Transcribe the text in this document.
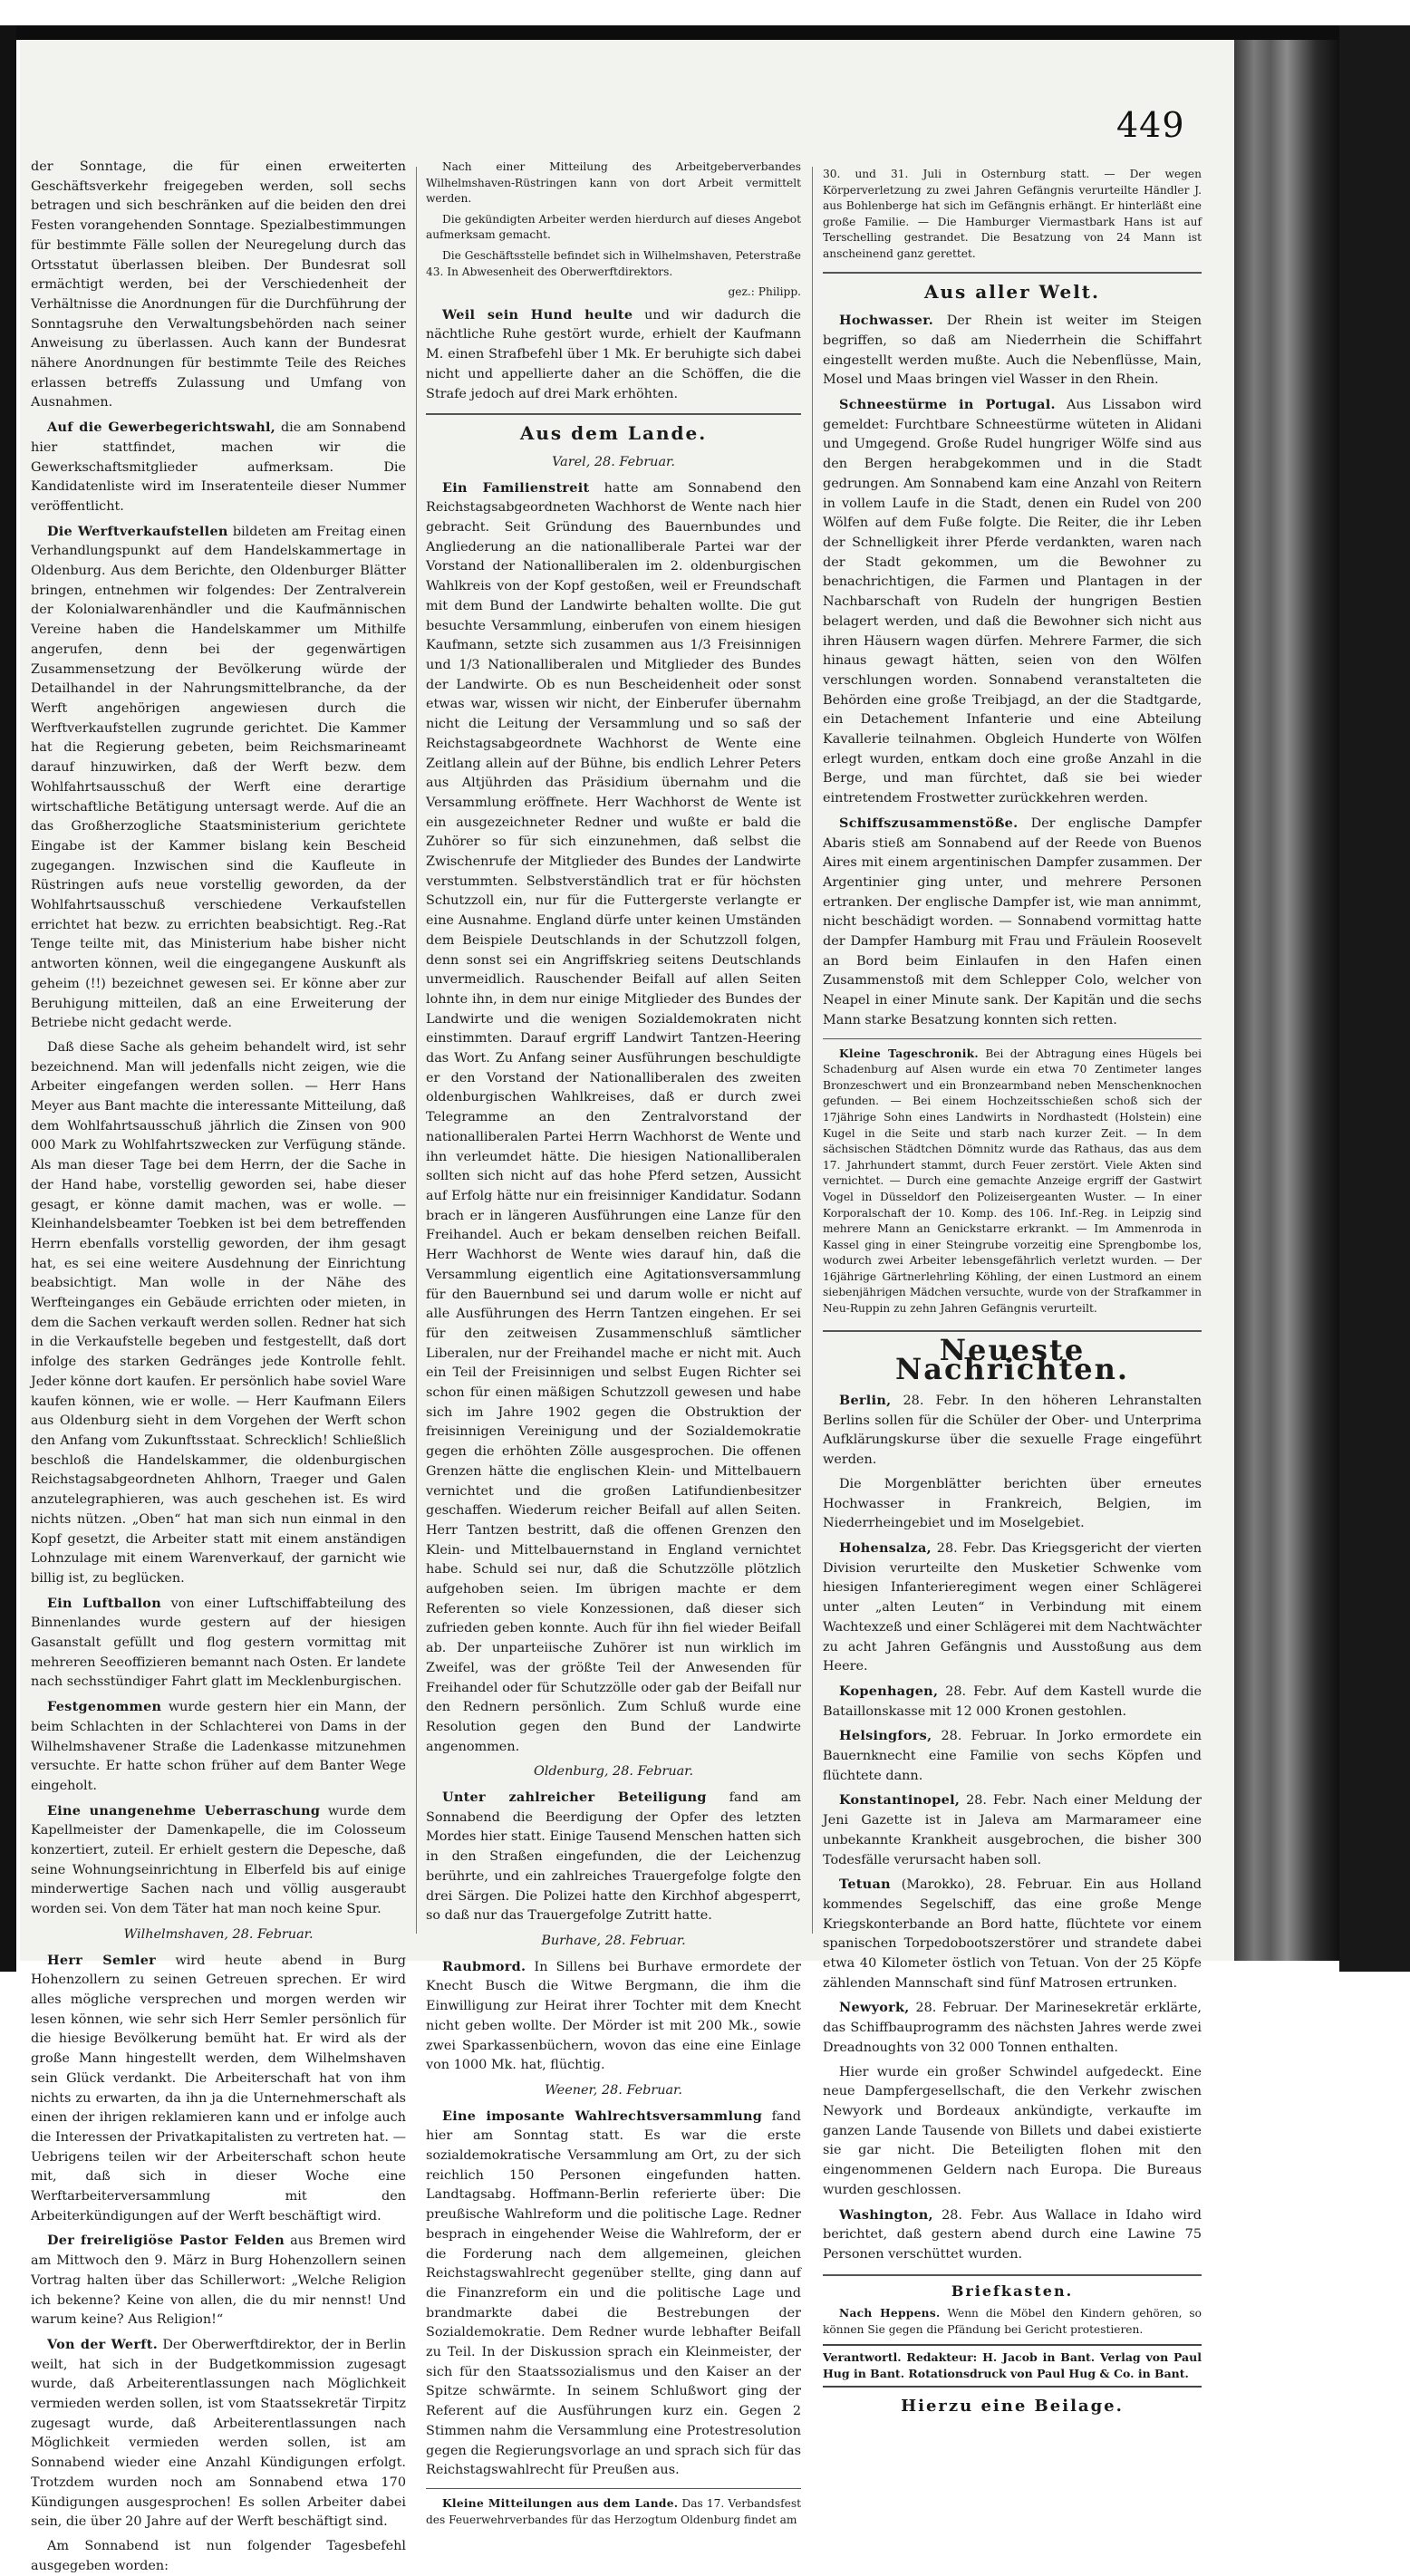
449

der Sonntage, die für einen erweiterten Geschäftsverkehr freigegeben werden, soll sechs betragen und sich beschränken auf die beiden den drei Festen vorangehenden Sonntage. Spezialbestimmungen für bestimmte Fälle sollen der Neuregelung durch das Ortsstatut überlassen bleiben. Der Bundesrat soll ermächtigt werden, bei der Verschiedenheit der Verhältnisse die Anordnungen für die Durchführung der Sonntagsruhe den Verwaltungsbehörden nach seiner Anweisung zu überlassen. Auch kann der Bundesrat nähere Anordnungen für bestimmte Teile des Reiches erlassen betreffs Zulassung und Umfang von Ausnahmen.

Auf die Gewerbegerichtswahl, die am Sonnabend hier stattfindet, machen wir die Gewerkschaftsmitglieder aufmerksam. Die Kandidatenliste wird im Inseratenteile dieser Nummer veröffentlicht.

Die Werftverkaufstellen bildeten am Freitag einen Verhandlungspunkt auf dem Handelskammertage in Oldenburg. Aus dem Berichte, den Oldenburger Blätter bringen, entnehmen wir folgendes: Der Zentralverein der Kolonialwarenhändler und die Kaufmännischen Vereine haben die Handelskammer um Mithilfe angerufen, denn bei der gegenwärtigen Zusammensetzung der Bevölkerung würde der Detailhandel in der Nahrungsmittelbranche, da der Werft angehörigen angewiesen durch die Werftverkaufstellen zugrunde gerichtet. Die Kammer hat die Regierung gebeten, beim Reichsmarineamt darauf hinzuwirken, daß der Werft bezw. dem Wohlfahrtsausschuß der Werft eine derartige wirtschaftliche Betätigung untersagt werde. Auf die an das Großherzogliche Staatsministerium gerichtete Eingabe ist der Kammer bislang kein Bescheid zugegangen. Inzwischen sind die Kaufleute in Rüstringen aufs neue vorstellig geworden, da der Wohlfahrtsausschuß verschiedene Verkaufstellen errichtet hat bezw. zu errichten beabsichtigt. Reg.-Rat Tenge teilte mit, das Ministerium habe bisher nicht antworten können, weil die eingegangene Auskunft als geheim (!!) bezeichnet gewesen sei. Er könne aber zur Beruhigung mitteilen, daß an eine Erweiterung der Betriebe nicht gedacht werde.

Daß diese Sache als geheim behandelt wird, ist sehr bezeichnend. Man will jedenfalls nicht zeigen, wie die Arbeiter eingefangen werden sollen. — Herr Hans Meyer aus Bant machte die interessante Mitteilung, daß dem Wohlfahrtsausschuß jährlich die Zinsen von 900 000 Mark zu Wohlfahrtszwecken zur Verfügung stände. Als man dieser Tage bei dem Herrn, der die Sache in der Hand habe, vorstellig geworden sei, habe dieser gesagt, er könne damit machen, was er wolle. — Kleinhandelsbeamter Toebken ist bei dem betreffenden Herrn ebenfalls vorstellig geworden, der ihm gesagt hat, es sei eine weitere Ausdehnung der Einrichtung beabsichtigt. Man wolle in der Nähe des Werfteinganges ein Gebäude errichten oder mieten, in dem die Sachen verkauft werden sollen. Redner hat sich in die Verkaufstelle begeben und festgestellt, daß dort infolge des starken Gedränges jede Kontrolle fehlt. Jeder könne dort kaufen. Er persönlich habe soviel Ware kaufen können, wie er wolle. — Herr Kaufmann Eilers aus Oldenburg sieht in dem Vorgehen der Werft schon den Anfang vom Zukunftsstaat. Schrecklich! Schließlich beschloß die Handelskammer, die oldenburgischen Reichstagsabgeordneten Ahlhorn, Traeger und Galen anzutelegraphieren, was auch geschehen ist. Es wird nichts nützen. „Oben“ hat man sich nun einmal in den Kopf gesetzt, die Arbeiter statt mit einem anständigen Lohnzulage mit einem Warenverkauf, der garnicht wie billig ist, zu beglücken.

Ein Luftballon von einer Luftschiffabteilung des Binnenlandes wurde gestern auf der hiesigen Gasanstalt gefüllt und flog gestern vormittag mit mehreren Seeoffizieren bemannt nach Osten. Er landete nach sechsstündiger Fahrt glatt im Mecklenburgischen.

Festgenommen wurde gestern hier ein Mann, der beim Schlachten in der Schlachterei von Dams in der Wilhelmshavener Straße die Ladenkasse mitzunehmen versuchte. Er hatte schon früher auf dem Banter Wege eingeholt.

Eine unangenehme Ueberraschung wurde dem Kapellmeister der Damenkapelle, die im Colosseum konzertiert, zuteil. Er erhielt gestern die Depesche, daß seine Wohnungseinrichtung in Elberfeld bis auf einige minderwertige Sachen nach und völlig ausgeraubt worden sei. Von dem Täter hat man noch keine Spur.

Wilhelmshaven, 28. Februar.

Herr Semler wird heute abend in Burg Hohenzollern zu seinen Getreuen sprechen. Er wird alles mögliche versprechen und morgen werden wir lesen können, wie sehr sich Herr Semler persönlich für die hiesige Bevölkerung bemüht hat. Er wird als der große Mann hingestellt werden, dem Wilhelmshaven sein Glück verdankt. Die Arbeiterschaft hat von ihm nichts zu erwarten, da ihn ja die Unternehmerschaft als einen der ihrigen reklamieren kann und er infolge auch die Interessen der Privatkapitalisten zu vertreten hat. — Uebrigens teilen wir der Arbeiterschaft schon heute mit, daß sich in dieser Woche eine Werftarbeiterversammlung mit den Arbeiterkündigungen auf der Werft beschäftigt wird.

Der freireligiöse Pastor Felden aus Bremen wird am Mittwoch den 9. März in Burg Hohenzollern seinen Vortrag halten über das Schillerwort: „Welche Religion ich bekenne? Keine von allen, die du mir nennst! Und warum keine? Aus Religion!“

Von der Werft. Der Oberwerftdirektor, der in Berlin weilt, hat sich in der Budgetkommission zugesagt wurde, daß Arbeiterentlassungen nach Möglichkeit vermieden werden sollen, ist vom Staatssekretär Tirpitz zugesagt wurde, daß Arbeiterentlassungen nach Möglichkeit vermieden werden sollen, ist am Sonnabend wieder eine Anzahl Kündigungen erfolgt. Trotzdem wurden noch am Sonnabend etwa 170 Kündigungen ausgesprochen! Es sollen Arbeiter dabei sein, die über 20 Jahre auf der Werft beschäftigt sind.

Am Sonnabend ist nun folgender Tagesbefehl ausgegeben worden:

Nach einer Mitteilung des Arbeitgeberverbandes Wilhelmshaven-Rüstringen kann von dort Arbeit vermittelt werden.

Die gekündigten Arbeiter werden hierdurch auf dieses Angebot aufmerksam gemacht.

Die Geschäftsstelle befindet sich in Wilhelmshaven, Peterstraße 43. In Abwesenheit des Oberwerftdirektors.

gez.: Philipp.

Weil sein Hund heulte und wir dadurch die nächtliche Ruhe gestört wurde, erhielt der Kaufmann M. einen Strafbefehl über 1 Mk. Er beruhigte sich dabei nicht und appellierte daher an die Schöffen, die die Strafe jedoch auf drei Mark erhöhten.

Aus dem Lande.
Varel, 28. Februar.

Ein Familienstreit hatte am Sonnabend den Reichstagsabgeordneten Wachhorst de Wente nach hier gebracht. Seit Gründung des Bauernbundes und Angliederung an die nationalliberale Partei war der Vorstand der Nationalliberalen im 2. oldenburgischen Wahlkreis von der Kopf gestoßen, weil er Freundschaft mit dem Bund der Landwirte behalten wollte. Die gut besuchte Versammlung, einberufen von einem hiesigen Kaufmann, setzte sich zusammen aus 1/3 Freisinnigen und 1/3 Nationalliberalen und Mitglieder des Bundes der Landwirte. Ob es nun Bescheidenheit oder sonst etwas war, wissen wir nicht, der Einberufer übernahm nicht die Leitung der Versammlung und so saß der Reichstagsabgeordnete Wachhorst de Wente eine Zeitlang allein auf der Bühne, bis endlich Lehrer Peters aus Altjührden das Präsidium übernahm und die Versammlung eröffnete. Herr Wachhorst de Wente ist ein ausgezeichneter Redner und wußte er bald die Zuhörer so für sich einzunehmen, daß selbst die Zwischenrufe der Mitglieder des Bundes der Landwirte verstummten. Selbstverständlich trat er für höchsten Schutzzoll ein, nur für die Futtergerste verlangte er eine Ausnahme. England dürfe unter keinen Umständen dem Beispiele Deutschlands in der Schutzzoll folgen, denn sonst sei ein Angriffskrieg seitens Deutschlands unvermeidlich. Rauschender Beifall auf allen Seiten lohnte ihn, in dem nur einige Mitglieder des Bundes der Landwirte und die wenigen Sozialdemokraten nicht einstimmten. Darauf ergriff Landwirt Tantzen-Heering das Wort. Zu Anfang seiner Ausführungen beschuldigte er den Vorstand der Nationalliberalen des zweiten oldenburgischen Wahlkreises, daß er durch zwei Telegramme an den Zentralvorstand der nationalliberalen Partei Herrn Wachhorst de Wente und ihn verleumdet hätte. Die hiesigen Nationalliberalen sollten sich nicht auf das hohe Pferd setzen, Aussicht auf Erfolg hätte nur ein freisinniger Kandidatur. Sodann brach er in längeren Ausführungen eine Lanze für den Freihandel. Auch er bekam denselben reichen Beifall. Herr Wachhorst de Wente wies darauf hin, daß die Versammlung eigentlich eine Agitationsversammlung für den Bauernbund sei und darum wolle er nicht auf alle Ausführungen des Herrn Tantzen eingehen. Er sei für den zeitweisen Zusammenschluß sämtlicher Liberalen, nur der Freihandel mache er nicht mit. Auch ein Teil der Freisinnigen und selbst Eugen Richter sei schon für einen mäßigen Schutzzoll gewesen und habe sich im Jahre 1902 gegen die Obstruktion der freisinnigen Vereinigung und der Sozialdemokratie gegen die erhöhten Zölle ausgesprochen. Die offenen Grenzen hätte die englischen Klein- und Mittelbauern vernichtet und die großen Latifundienbesitzer geschaffen. Wiederum reicher Beifall auf allen Seiten. Herr Tantzen bestritt, daß die offenen Grenzen den Klein- und Mittelbauernstand in England vernichtet habe. Schuld sei nur, daß die Schutzzölle plötzlich aufgehoben seien. Im übrigen machte er dem Referenten so viele Konzessionen, daß dieser sich zufrieden geben konnte. Auch für ihn fiel wieder Beifall ab. Der unparteiische Zuhörer ist nun wirklich im Zweifel, was der größte Teil der Anwesenden für Freihandel oder für Schutzzölle oder gab der Beifall nur den Rednern persönlich. Zum Schluß wurde eine Resolution gegen den Bund der Landwirte angenommen.

Oldenburg, 28. Februar.

Unter zahlreicher Beteiligung fand am Sonnabend die Beerdigung der Opfer des letzten Mordes hier statt. Einige Tausend Menschen hatten sich in den Straßen eingefunden, die der Leichenzug berührte, und ein zahlreiches Trauergefolge folgte den drei Särgen. Die Polizei hatte den Kirchhof abgesperrt, so daß nur das Trauergefolge Zutritt hatte.

Burhave, 28. Februar.

Raubmord. In Sillens bei Burhave ermordete der Knecht Busch die Witwe Bergmann, die ihm die Einwilligung zur Heirat ihrer Tochter mit dem Knecht nicht geben wollte. Der Mörder ist mit 200 Mk., sowie zwei Sparkassenbüchern, wovon das eine eine Einlage von 1000 Mk. hat, flüchtig.

Weener, 28. Februar.

Eine imposante Wahlrechtsversammlung fand hier am Sonntag statt. Es war die erste sozialdemokratische Versammlung am Ort, zu der sich reichlich 150 Personen eingefunden hatten. Landtagsabg. Hoffmann-Berlin referierte über: Die preußische Wahlreform und die politische Lage. Redner besprach in eingehender Weise die Wahlreform, der er die Forderung nach dem allgemeinen, gleichen Reichstagswahlrecht gegenüber stellte, ging dann auf die Finanzreform ein und die politische Lage und brandmarkte dabei die Bestrebungen der Sozialdemokratie. Dem Redner wurde lebhafter Beifall zu Teil. In der Diskussion sprach ein Kleinmeister, der sich für den Staatssozialismus und den Kaiser an der Spitze schwärmte. In seinem Schlußwort ging der Referent auf die Ausführungen kurz ein. Gegen 2 Stimmen nahm die Versammlung eine Protestresolution gegen die Regierungsvorlage an und sprach sich für das Reichstagswahlrecht für Preußen aus.

Kleine Mitteilungen aus dem Lande. Das 17. Verbandsfest des Feuerwehrverbandes für das Herzogtum Oldenburg findet am

30. und 31. Juli in Osternburg statt. — Der wegen Körperverletzung zu zwei Jahren Gefängnis verurteilte Händler J. aus Bohlenberge hat sich im Gefängnis erhängt. Er hinterläßt eine große Familie. — Die Hamburger Viermastbark Hans ist auf Terschelling gestrandet. Die Besatzung von 24 Mann ist anscheinend ganz gerettet.

Aus aller Welt.

Hochwasser. Der Rhein ist weiter im Steigen begriffen, so daß am Niederrhein die Schiffahrt eingestellt werden mußte. Auch die Nebenflüsse, Main, Mosel und Maas bringen viel Wasser in den Rhein.

Schneestürme in Portugal. Aus Lissabon wird gemeldet: Furchtbare Schneestürme wüteten in Alidani und Umgegend. Große Rudel hungriger Wölfe sind aus den Bergen herabgekommen und in die Stadt gedrungen. Am Sonnabend kam eine Anzahl von Reitern in vollem Laufe in die Stadt, denen ein Rudel von 200 Wölfen auf dem Fuße folgte. Die Reiter, die ihr Leben der Schnelligkeit ihrer Pferde verdankten, waren nach der Stadt gekommen, um die Bewohner zu benachrichtigen, die Farmen und Plantagen in der Nachbarschaft von Rudeln der hungrigen Bestien belagert werden, und daß die Bewohner sich nicht aus ihren Häusern wagen dürfen. Mehrere Farmer, die sich hinaus gewagt hätten, seien von den Wölfen verschlungen worden. Sonnabend veranstalteten die Behörden eine große Treibjagd, an der die Stadtgarde, ein Detachement Infanterie und eine Abteilung Kavallerie teilnahmen. Obgleich Hunderte von Wölfen erlegt wurden, entkam doch eine große Anzahl in die Berge, und man fürchtet, daß sie bei wieder eintretendem Frostwetter zurückkehren werden.

Schiffszusammenstöße. Der englische Dampfer Abaris stieß am Sonnabend auf der Reede von Buenos Aires mit einem argentinischen Dampfer zusammen. Der Argentinier ging unter, und mehrere Personen ertranken. Der englische Dampfer ist, wie man annimmt, nicht beschädigt worden. — Sonnabend vormittag hatte der Dampfer Hamburg mit Frau und Fräulein Roosevelt an Bord beim Einlaufen in den Hafen einen Zusammenstoß mit dem Schlepper Colo, welcher von Neapel in einer Minute sank. Der Kapitän und die sechs Mann starke Besatzung konnten sich retten.

Kleine Tageschronik. Bei der Abtragung eines Hügels bei Schadenburg auf Alsen wurde ein etwa 70 Zentimeter langes Bronzeschwert und ein Bronzearmband neben Menschenknochen gefunden. — Bei einem Hochzeitsschießen schoß sich der 17jährige Sohn eines Landwirts in Nordhastedt (Holstein) eine Kugel in die Seite und starb nach kurzer Zeit. — In dem sächsischen Städtchen Dömnitz wurde das Rathaus, das aus dem 17. Jahrhundert stammt, durch Feuer zerstört. Viele Akten sind vernichtet. — Durch eine gemachte Anzeige ergriff der Gastwirt Vogel in Düsseldorf den Polizeisergeanten Wuster. — In einer Korporalschaft der 10. Komp. des 106. Inf.-Reg. in Leipzig sind mehrere Mann an Genickstarre erkrankt. — Im Ammenroda in Kassel ging in einer Steingrube vorzeitig eine Sprengbombe los, wodurch zwei Arbeiter lebensgefährlich verletzt wurden. — Der 16jährige Gärtnerlehrling Köhling, der einen Lustmord an einem siebenjährigen Mädchen versuchte, wurde von der Strafkammer in Neu-Ruppin zu zehn Jahren Gefängnis verurteilt.

Neueste Nachrichten.

Berlin, 28. Febr. In den höheren Lehranstalten Berlins sollen für die Schüler der Ober- und Unterprima Aufklärungskurse über die sexuelle Frage eingeführt werden.

Die Morgenblätter berichten über erneutes Hochwasser in Frankreich, Belgien, im Niederrheingebiet und im Moselgebiet.

Hohensalza, 28. Febr. Das Kriegsgericht der vierten Division verurteilte den Musketier Schwenke vom hiesigen Infanterieregiment wegen einer Schlägerei unter „alten Leuten“ in Verbindung mit einem Wachtexzeß und einer Schlägerei mit dem Nachtwächter zu acht Jahren Gefängnis und Ausstoßung aus dem Heere.

Kopenhagen, 28. Febr. Auf dem Kastell wurde die Bataillonskasse mit 12 000 Kronen gestohlen.

Helsingfors, 28. Februar. In Jorko ermordete ein Bauernknecht eine Familie von sechs Köpfen und flüchtete dann.

Konstantinopel, 28. Febr. Nach einer Meldung der Jeni Gazette ist in Jaleva am Marmarameer eine unbekannte Krankheit ausgebrochen, die bisher 300 Todesfälle verursacht haben soll.

Tetuan (Marokko), 28. Februar. Ein aus Holland kommendes Segelschiff, das eine große Menge Kriegskonterbande an Bord hatte, flüchtete vor einem spanischen Torpedobootszerstörer und strandete dabei etwa 40 Kilometer östlich von Tetuan. Von der 25 Köpfe zählenden Mannschaft sind fünf Matrosen ertrunken.

Newyork, 28. Februar. Der Marinesekretär erklärte, das Schiffbauprogramm des nächsten Jahres werde zwei Dreadnoughts von 32 000 Tonnen enthalten.

Hier wurde ein großer Schwindel aufgedeckt. Eine neue Dampfergesellschaft, die den Verkehr zwischen Newyork und Bordeaux ankündigte, verkaufte im ganzen Lande Tausende von Billets und dabei existierte sie gar nicht. Die Beteiligten flohen mit den eingenommenen Geldern nach Europa. Die Bureaus wurden geschlossen.

Washington, 28. Febr. Aus Wallace in Idaho wird berichtet, daß gestern abend durch eine Lawine 75 Personen verschüttet wurden.

Briefkasten.

Nach Heppens. Wenn die Möbel den Kindern gehören, so können Sie gegen die Pfändung bei Gericht protestieren.

Verantwortl. Redakteur: H. Jacob in Bant. Verlag von Paul Hug in Bant. Rotationsdruck von Paul Hug & Co. in Bant.
Hierzu eine Beilage.
